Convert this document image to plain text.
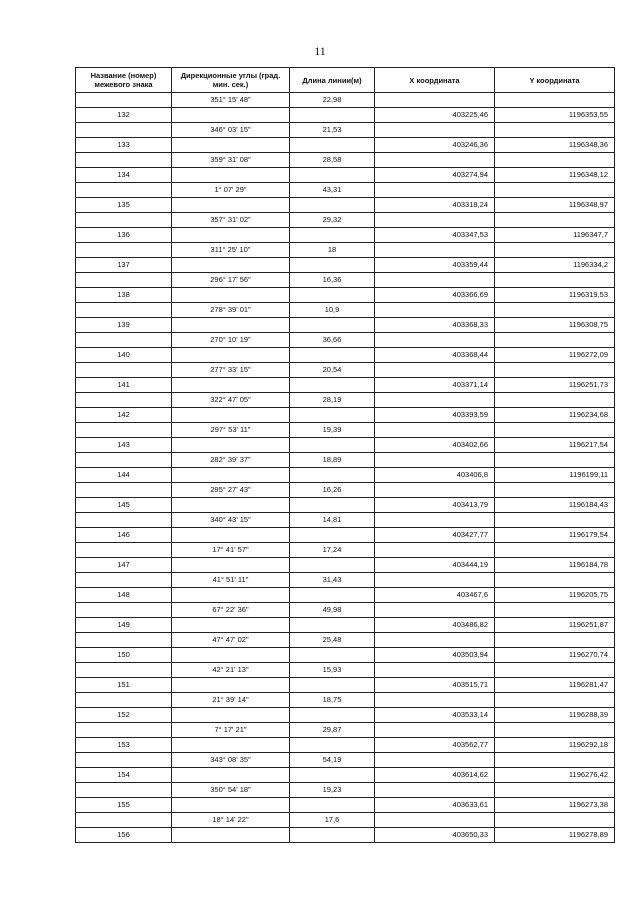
11
Название (номер) межевого знака	Дирекционные углы (град. мин. сек.)	Длина линии(м)	X координата	Y координата
	351° 15' 48"	22,98		
132			403225,46	1196353,55
	346° 03' 15"	21,53		
133			403246,36	1196348,36
	359° 31' 08"	28,58		
134			403274,94	1196348,12
	1° 07' 29"	43,31		
135			403318,24	1196348,97
	357° 31' 02"	29,32		
136			403347,53	1196347,7
	311° 25' 10"	18		
137			403359,44	1196334,2
	296° 17' 56"	16,36		
138			403366,69	1196319,53
	278° 39' 01"	10,9		
139			403368,33	1196308,75
	270° 10' 19"	36,66		
140			403368,44	1196272,09
	277° 33' 15"	20,54		
141			403371,14	1196251,73
	322° 47' 05"	28,19		
142			403393,59	1196234,68
	297° 53' 11"	19,39		
143			403402,66	1196217,54
	282° 39' 37"	18,89		
144			403406,8	1196199,11
	295° 27' 43"	16,26		
145			403413,79	1196184,43
	340° 43' 15"	14,81		
146			403427,77	1196179,54
	17° 41' 57"	17,24		
147			403444,19	1196184,78
	41° 51' 11"	31,43		
148			403467,6	1196205,75
	67° 22' 36"	49,98		
149			403486,82	1196251,87
	47° 47' 02"	25,48		
150			403503,94	1196270,74
	42° 21' 13"	15,93		
151			403515,71	1196281,47
	21° 39' 14"	18,75		
152			403533,14	1196288,39
	7° 17' 21"	29,87		
153			403562,77	1196292,18
	343° 08' 35"	54,19		
154			403614,62	1196276,42
	350° 54' 18"	19,23		
155			403633,61	1196273,38
	18° 14' 22"	17,6		
156			403650,33	1196278,89
